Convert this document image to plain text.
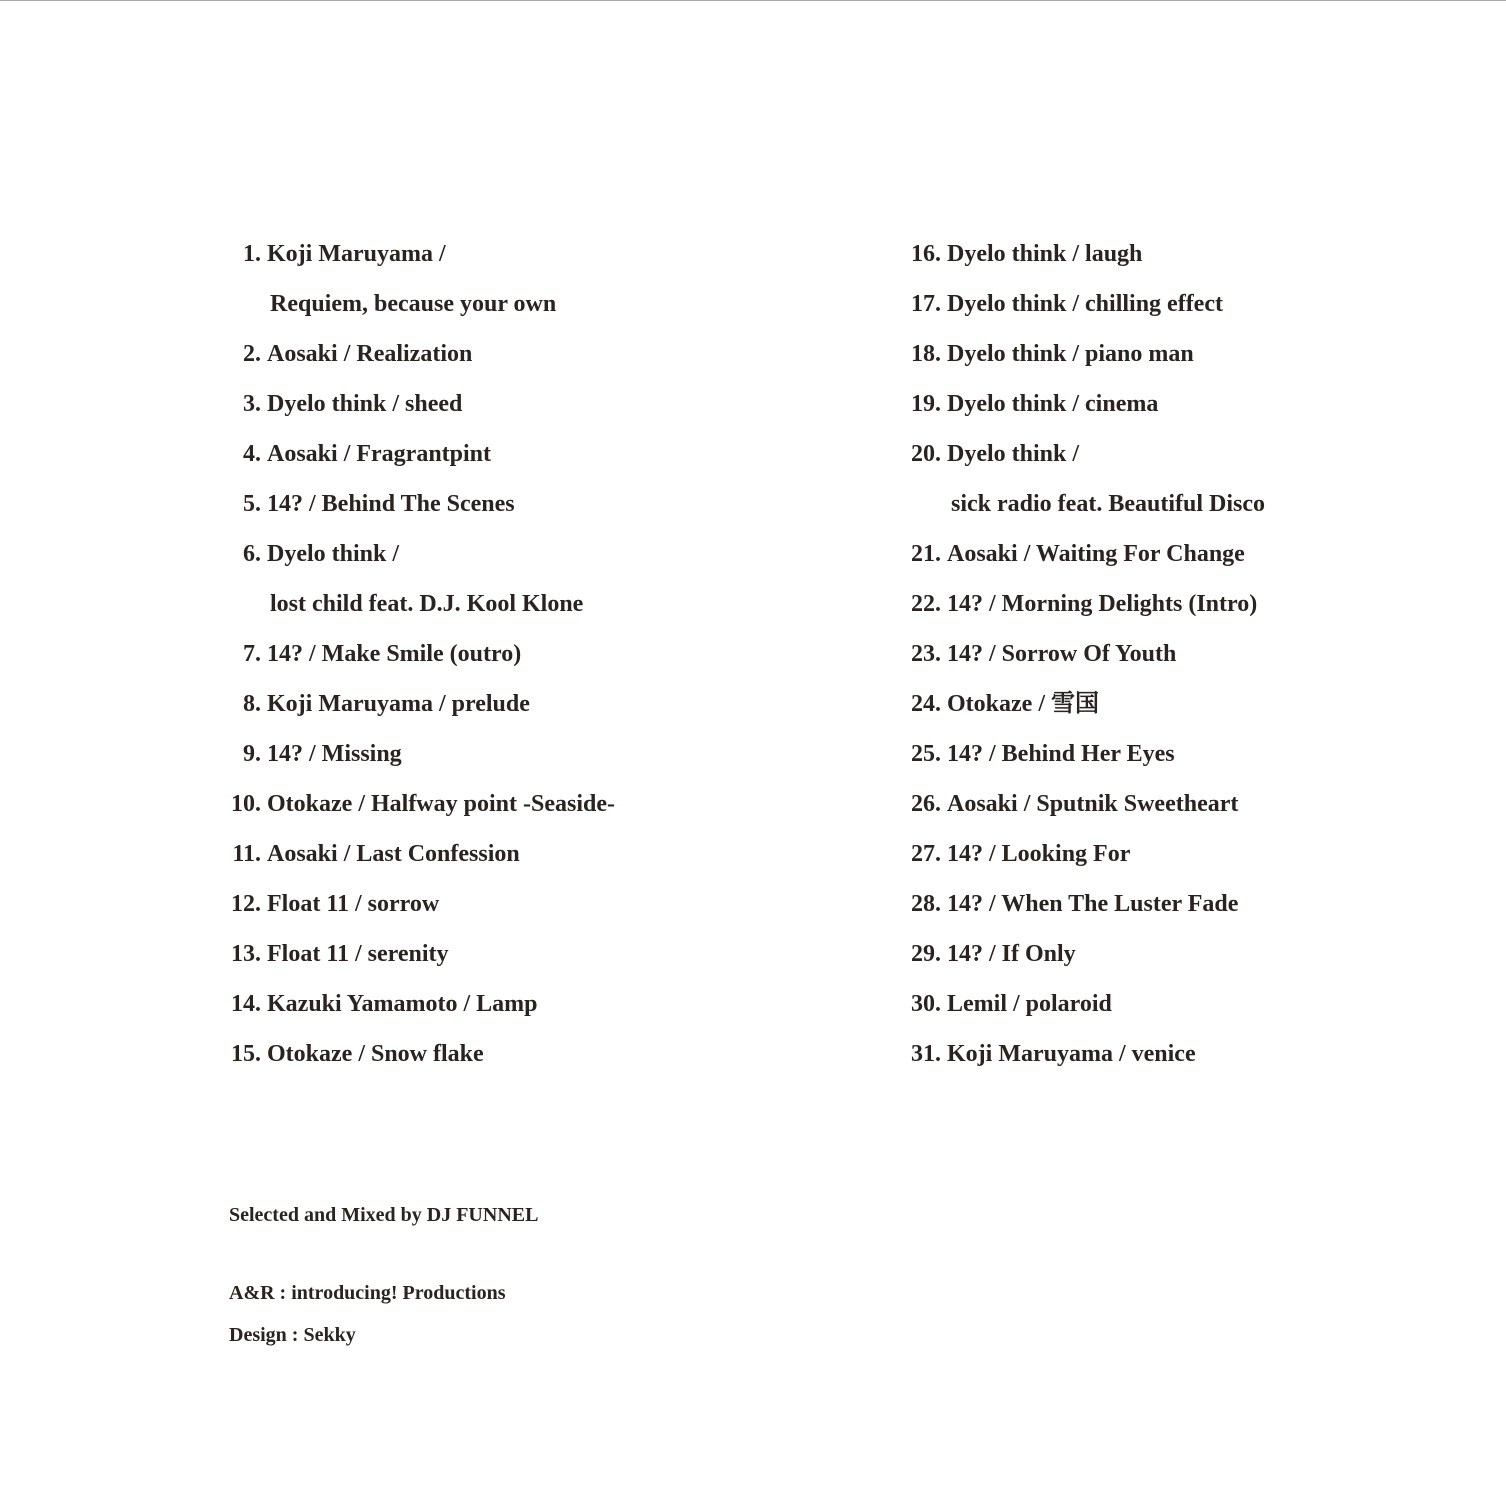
1. Koji Maruyama /
Requiem, because your own
2. Aosaki / Realization
3. Dyelo think / sheed
4. Aosaki / Fragrantpint
5. 14? / Behind The Scenes
6. Dyelo think /
lost child feat. D.J. Kool Klone
7. 14? / Make Smile (outro)
8. Koji Maruyama / prelude
9. 14? / Missing
10. Otokaze / Halfway point -Seaside-
11. Aosaki / Last Confession
12. Float 11 / sorrow
13. Float 11 / serenity
14. Kazuki Yamamoto / Lamp
15. Otokaze / Snow flake
16. Dyelo think / laugh
17. Dyelo think / chilling effect
18. Dyelo think / piano man
19. Dyelo think / cinema
20. Dyelo think /
sick radio feat. Beautiful Disco
21. Aosaki / Waiting For Change
22. 14? / Morning Delights (Intro)
23. 14? / Sorrow Of Youth
24. Otokaze / 雪国
25. 14? / Behind Her Eyes
26. Aosaki / Sputnik Sweetheart
27. 14? / Looking For
28. 14? / When The Luster Fade
29. 14? / If Only
30. Lemil / polaroid
31. Koji Maruyama / venice
Selected and Mixed by DJ FUNNEL
A&R : introducing! Productions
Design : Sekky
